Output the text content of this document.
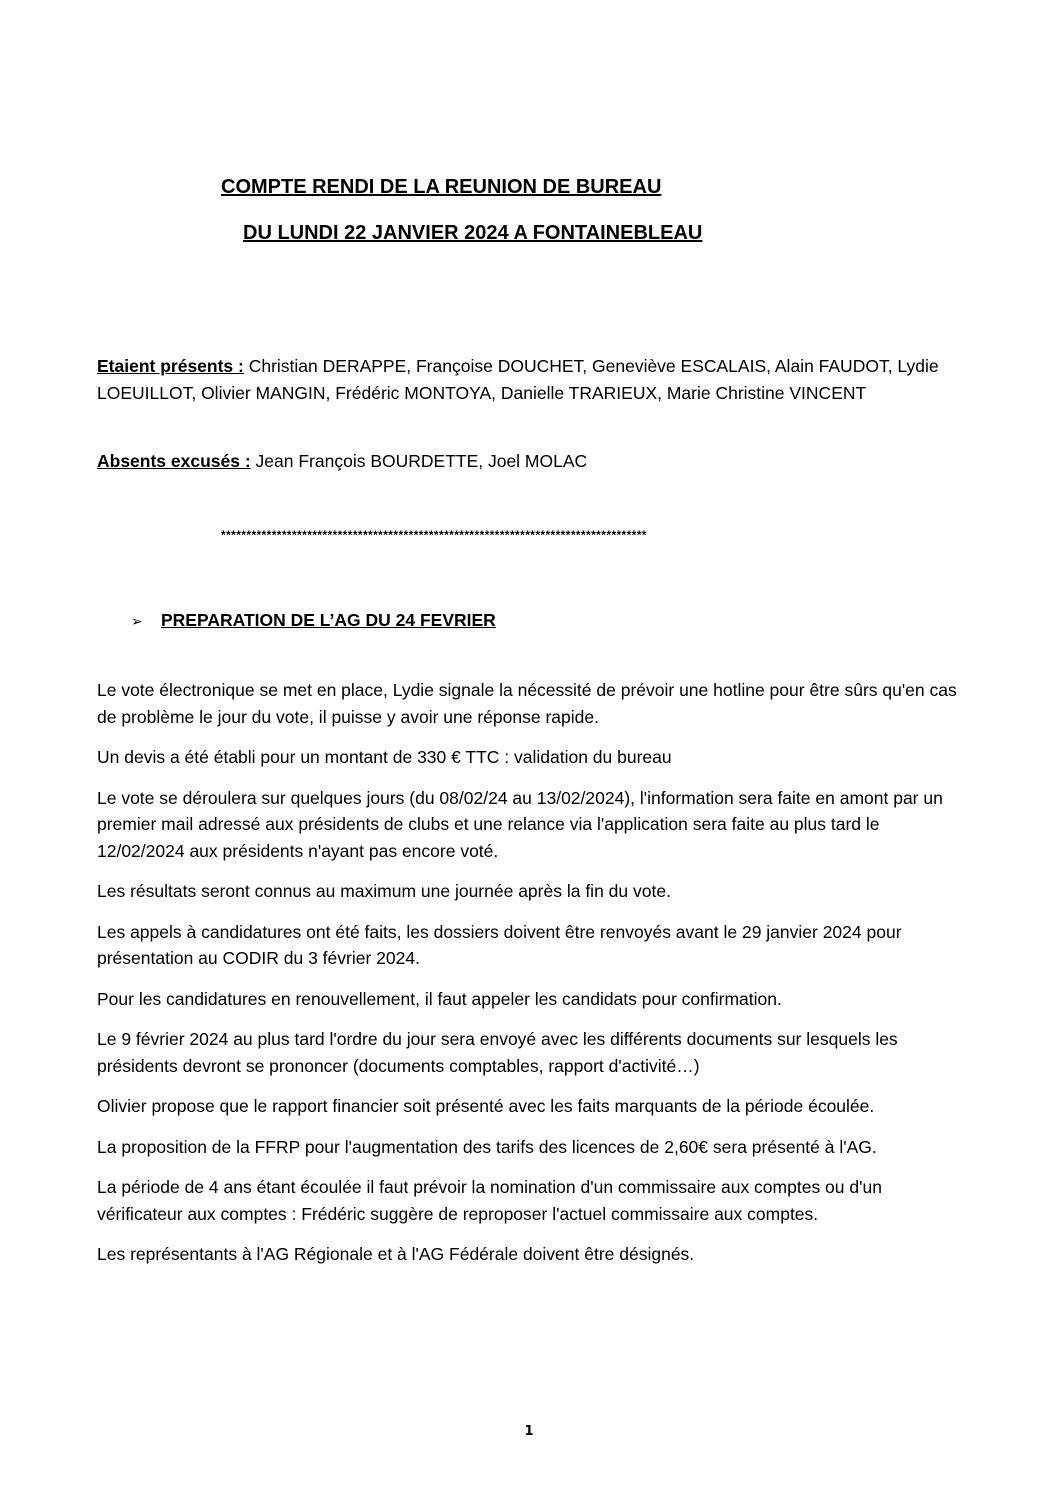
COMPTE RENDI DE LA REUNION DE BUREAU
DU LUNDI 22 JANVIER 2024 A FONTAINEBLEAU
Etaient présents : Christian DERAPPE, Françoise DOUCHET, Geneviève ESCALAIS, Alain FAUDOT, Lydie LOEUILLOT, Olivier MANGIN, Frédéric MONTOYA, Danielle TRARIEUX, Marie Christine VINCENT
Absents excusés : Jean François BOURDETTE, Joel MOLAC
************************************************************************************
➢ PREPARATION DE L’AG DU 24 FEVRIER

Le vote électronique se met en place, Lydie signale la nécessité de prévoir une hotline pour être sûrs qu'en cas de problème le jour du vote, il puisse y avoir une réponse rapide.

Un devis a été établi pour un montant de 330 € TTC : validation du bureau

Le vote se déroulera sur quelques jours (du 08/02/24 au 13/02/2024), l'information sera faite en amont par un premier mail adressé aux présidents de clubs et une relance via l'application sera faite au plus tard le 12/02/2024 aux présidents n'ayant pas encore voté.

Les résultats seront connus au maximum une journée après la fin du vote.

Les appels à candidatures ont été faits, les dossiers doivent être renvoyés avant le 29 janvier 2024 pour présentation au CODIR du 3 février 2024.

Pour les candidatures en renouvellement, il faut appeler les candidats pour confirmation.

Le 9 février 2024 au plus tard l'ordre du jour sera envoyé avec les différents documents sur lesquels les présidents devront se prononcer (documents comptables, rapport d'activité…)

Olivier propose que le rapport financier soit présenté avec les faits marquants de la période écoulée.

La proposition de la FFRP pour l'augmentation des tarifs des licences de 2,60€ sera présenté à l'AG.

La période de 4 ans étant écoulée il faut prévoir la nomination d'un commissaire aux comptes ou d'un vérificateur aux comptes : Frédéric suggère de reproposer l'actuel commissaire aux comptes.

Les représentants à l'AG Régionale et à l'AG Fédérale doivent être désignés.

1
